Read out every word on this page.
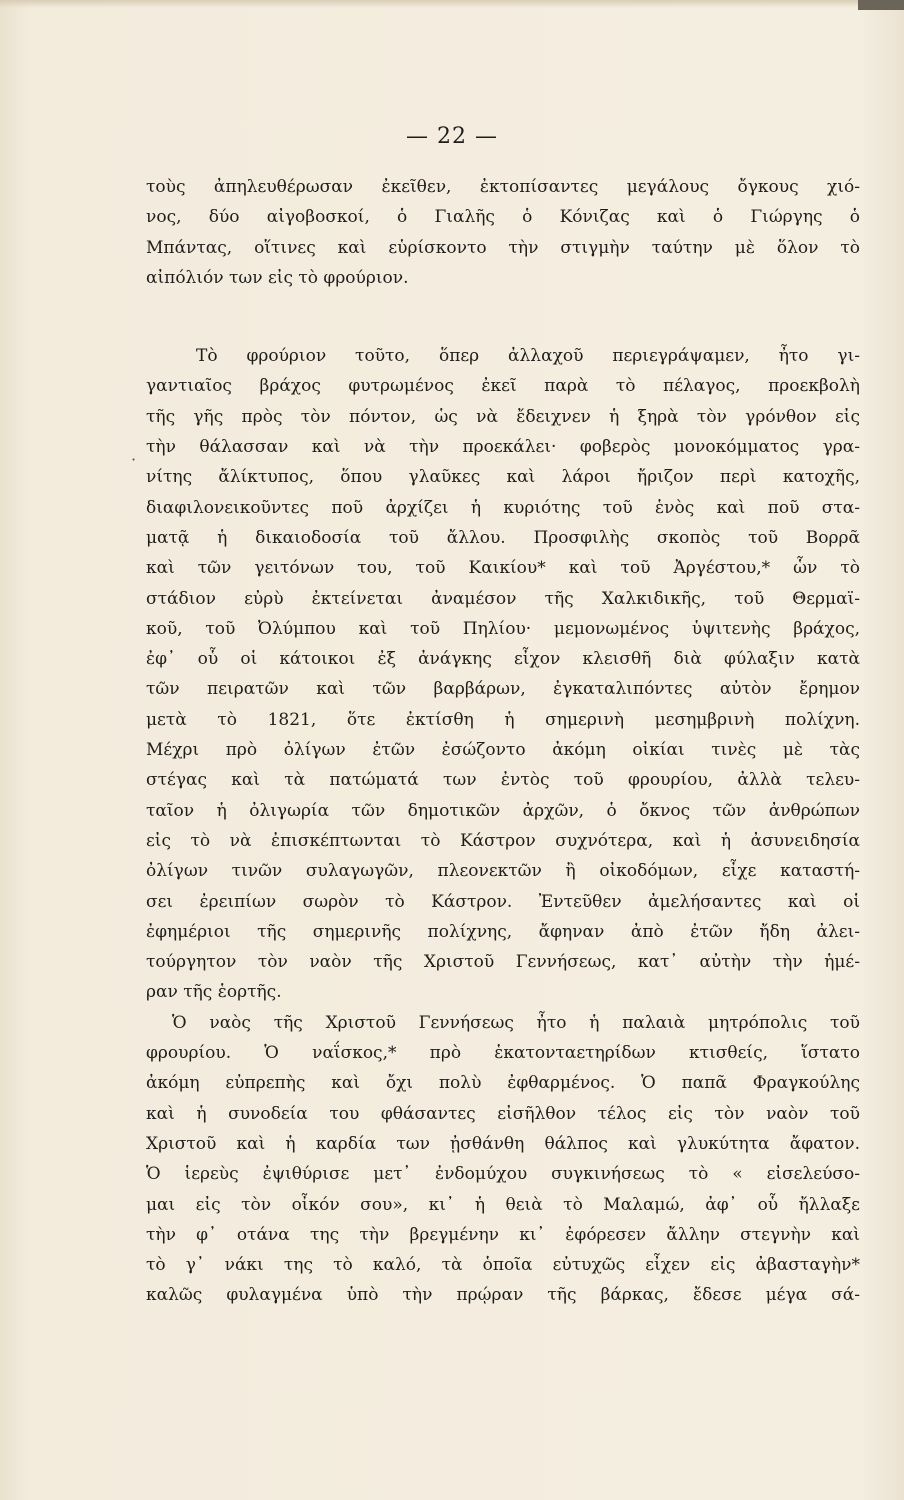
— 22 —
·
τοὺς ἀπηλευθέρωσαν ἐκεῖθεν, ἐκτοπίσαντες μεγάλους ὄγκους χιό-
νος, δύο αἰγοβοσκοί, ὁ Γιαλῆς ὁ Κόνιζας καὶ ὁ Γιώργης ὁ
Μπάντας, οἵτινες καὶ εὑρίσκοντο τὴν στιγμὴν ταύτην μὲ ὅλον τὸ
αἰπόλιόν των εἰς τὸ φρούριον.
Τὸ φρούριον τοῦτο, ὅπερ ἀλλαχοῦ περιεγράψαμεν, ἦτο γι-
γαντιαῖος βράχος φυτρωμένος ἐκεῖ παρὰ τὸ πέλαγος, προεκβολὴ
τῆς γῆς πρὸς τὸν πόντον, ὡς νὰ ἔδειχνεν ἡ ξηρὰ τὸν γρόνθον εἰς
τὴν θάλασσαν καὶ νὰ τὴν προεκάλει· φοβερὸς μονοκόμματος γρα-
νίτης ἄλίκτυπος, ὅπου γλαῦκες καὶ λάροι ἤριζον περὶ κατοχῆς,
διαφιλονεικοῦντες ποῦ ἀρχίζει ἡ κυριότης τοῦ ἑνὸς καὶ ποῦ στα-
ματᾷ ἡ δικαιοδοσία τοῦ ἄλλου. Προσφιλὴς σκοπὸς τοῦ Βορρᾶ
καὶ τῶν γειτόνων του, τοῦ Καικίου* καὶ τοῦ Ἀργέστου,* ὧν τὸ
στάδιον εὐρὺ ἐκτείνεται ἀναμέσον τῆς Χαλκιδικῆς, τοῦ Θερμαϊ-
κοῦ, τοῦ Ὀλύμπου καὶ τοῦ Πηλίου· μεμονωμένος ὑψιτενὴς βράχος,
ἐφ᾽ οὗ οἱ κάτοικοι ἐξ ἀνάγκης εἶχον κλεισθῆ διὰ φύλαξιν κατὰ
τῶν πειρατῶν καὶ τῶν βαρβάρων, ἐγκαταλιπόντες αὐτὸν ἔρημον
μετὰ τὸ 1821, ὅτε ἐκτίσθη ἡ σημερινὴ μεσημβρινὴ πολίχνη.
Μέχρι πρὸ ὀλίγων ἐτῶν ἐσώζοντο ἀκόμη οἰκίαι τινὲς μὲ τὰς
στέγας καὶ τὰ πατώματά των ἐντὸς τοῦ φρουρίου, ἀλλὰ τελευ-
ταῖον ἡ ὀλιγωρία τῶν δημοτικῶν ἀρχῶν, ὁ ὄκνος τῶν ἀνθρώπων
εἰς τὸ νὰ ἐπισκέπτωνται τὸ Κάστρον συχνότερα, καὶ ἡ ἀσυνειδησία
ὀλίγων τινῶν συλαγωγῶν, πλεονεκτῶν ἢ οἰκοδόμων, εἶχε καταστή-
σει ἐρειπίων σωρὸν τὸ Κάστρον. Ἐντεῦθεν ἀμελήσαντες καὶ οἱ
ἐφημέριοι τῆς σημερινῆς πολίχνης, ἄφηναν ἀπὸ ἐτῶν ἤδη ἀλει-
τούργητον τὸν ναὸν τῆς Χριστοῦ Γεννήσεως, κατ᾽ αὐτὴν τὴν ἡμέ-
ραν τῆς ἑορτῆς.
Ὁ ναὸς τῆς Χριστοῦ Γεννήσεως ἦτο ἡ παλαιὰ μητρόπολις τοῦ
φρουρίου. Ὁ ναΐσκος,* πρὸ ἑκατονταετηρίδων κτισθείς, ἵστατο
ἀκόμη εὐπρεπὴς καὶ ὄχι πολὺ ἐφθαρμένος. Ὁ παπᾶ Φραγκούλης
καὶ ἡ συνοδεία του φθάσαντες εἰσῆλθον τέλος εἰς τὸν ναὸν τοῦ
Χριστοῦ καὶ ἡ καρδία των ᾐσθάνθη θάλπος καὶ γλυκύτητα ἄφατον.
Ὁ ἱερεὺς ἐψιθύρισε μετ᾽ ἐνδομύχου συγκινήσεως τὸ « εἰσελεύσο-
μαι εἰς τὸν οἶκόν σου», κι᾽ ἡ θειὰ τὸ Μαλαμώ, ἀφ᾽ οὗ ἤλλαξε
τὴν φ᾽ οτάνα της τὴν βρεγμένην κι᾽ ἐφόρεσεν ἄλλην στεγνὴν καὶ
τὸ γ᾽ νάκι της τὸ καλό, τὰ ὁποῖα εὐτυχῶς εἶχεν εἰς ἀβασταγὴν*
καλῶς φυλαγμένα ὑπὸ τὴν πρῴραν τῆς βάρκας, ἔδεσε μέγα σά-
